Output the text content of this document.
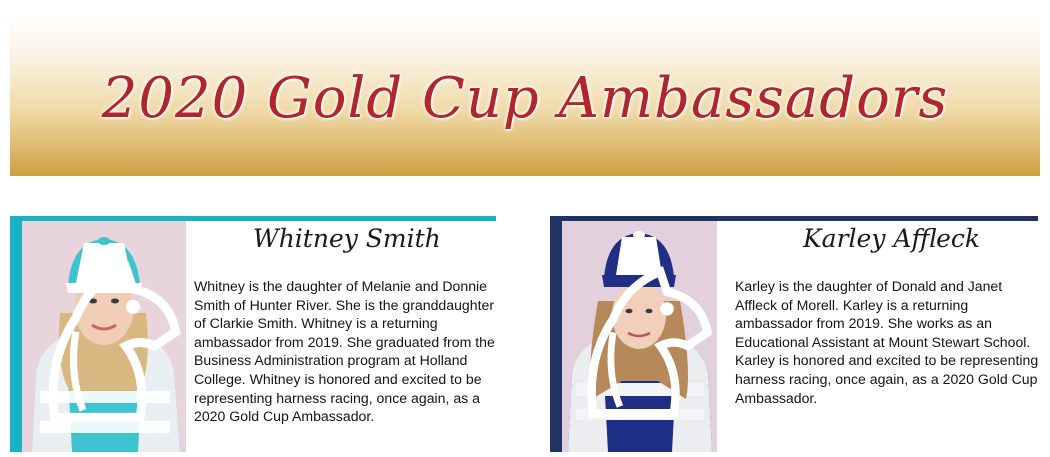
2020 Gold Cup Ambassadors
Whitney Smith
Whitney is the daughter of Melanie and Donnie Smith of Hunter River. She is the granddaughter of Clarkie Smith. Whitney is a returning ambassador from 2019. She graduated from the Business Administration program at Holland College. Whitney is honored and excited to be representing harness racing, once again, as a 2020 Gold Cup Ambassador.
Karley Affleck
Karley is the daughter of Donald and Janet Affleck of Morell. Karley is a returning ambassador from 2019. She works as an Educational Assistant at Mount Stewart School. Karley is honored and excited to be representing harness racing, once again, as a 2020 Gold Cup Ambassador.
